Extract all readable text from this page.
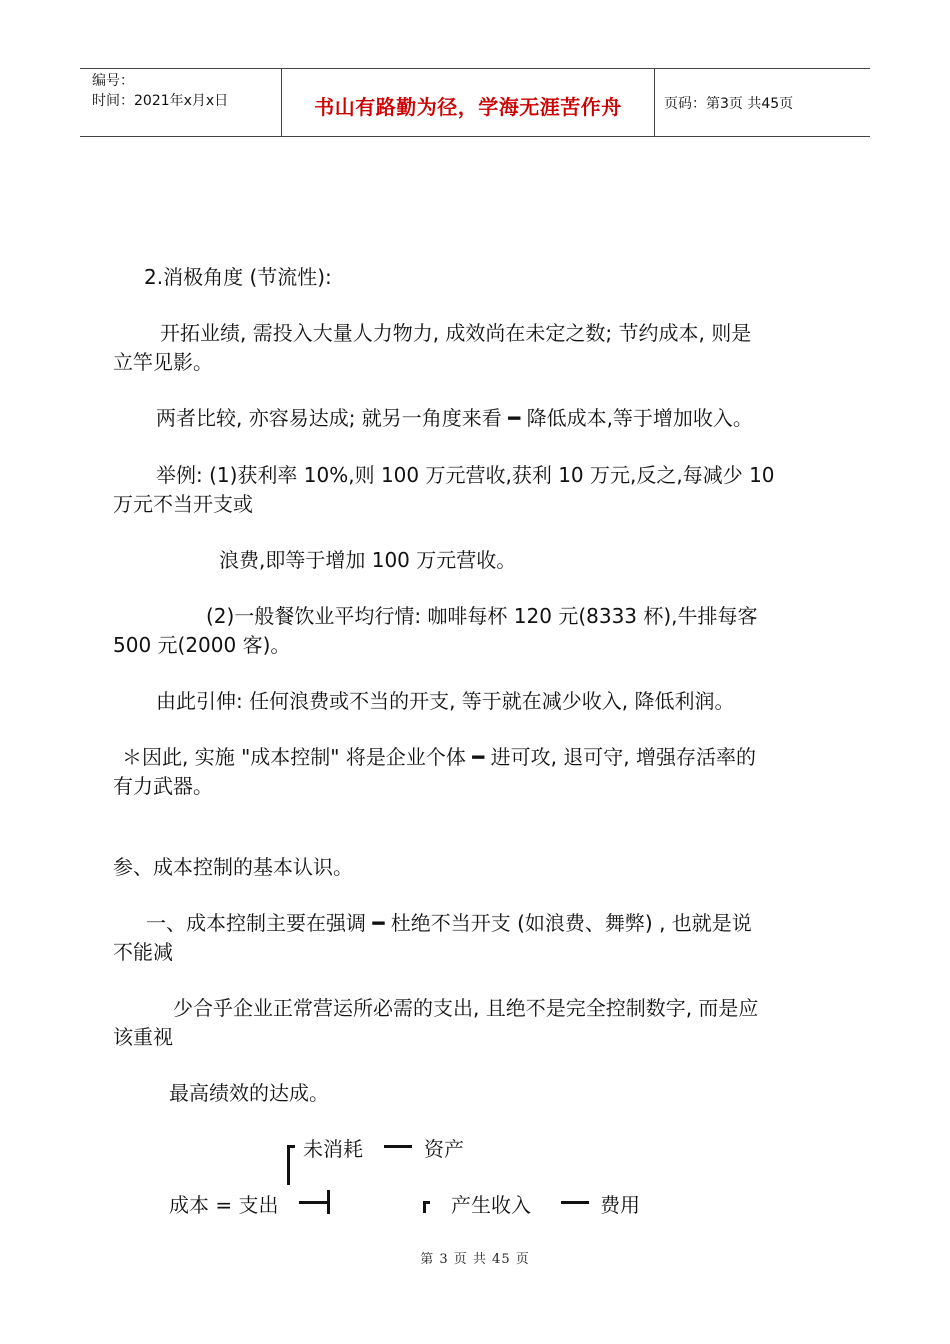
编号：
时间：2021年x月x日	书山有路勤为径，学海无涯苦作舟	页码：第3页 共45页
2.消极角度 (节流性):
开拓业绩, 需投入大量人力物力, 成效尚在未定之数; 节约成本, 则是
立竿见影。
两者比较, 亦容易达成; 就另一角度来看 ━ 降低成本,等于增加收入。
举例: (1)获利率 10%,则 100 万元营收,获利 10 万元,反之,每减少 10
万元不当开支或
浪费,即等于增加 100 万元营收。
(2)一般餐饮业平均行情: 咖啡每杯 120 元(8333 杯),牛排每客
500 元(2000 客)。
由此引伸: 任何浪费或不当的开支, 等于就在减少收入, 降低利润。
＊因此, 实施 "成本控制" 将是企业个体 ━ 进可攻, 退可守, 增强存活率的
有力武器。
参、成本控制的基本认识。
一、成本控制主要在强调 ━ 杜绝不当开支 (如浪费、舞弊) , 也就是说
不能减
少合乎企业正常营运所必需的支出, 且绝不是完全控制数字, 而是应
该重视
最高绩效的达成。
未消耗	资产
成本 = 支出	产生收入	费用
第 3 页 共 45 页
